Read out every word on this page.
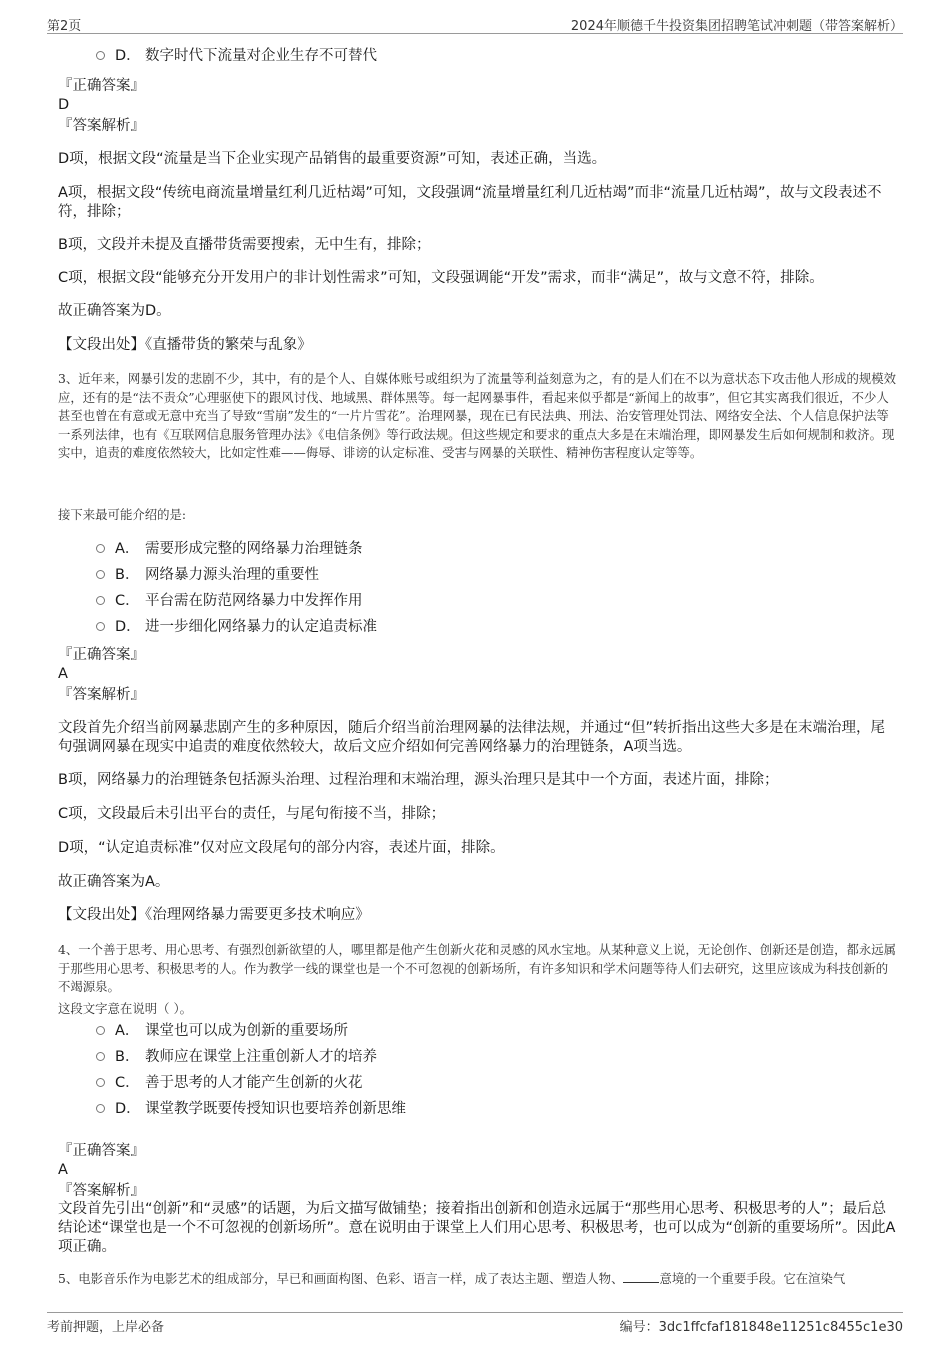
第2页	2024年顺德千牛投资集团招聘笔试冲刺题（带答案解析）
D． 数字时代下流量对企业生存不可替代
『正确答案』
D
『答案解析』
D项，根据文段“流量是当下企业实现产品销售的最重要资源”可知，表述正确，当选。
A项，根据文段“传统电商流量增量红利几近枯竭”可知，文段强调“流量增量红利几近枯竭”而非“流量几近枯竭”，故与文段表述不符，排除；
B项，文段并未提及直播带货需要搜索，无中生有，排除；
C项，根据文段“能够充分开发用户的非计划性需求”可知，文段强调能“开发”需求，而非“满足”，故与文意不符，排除。
故正确答案为D。
【文段出处】《直播带货的繁荣与乱象》
3、近年来，网暴引发的悲剧不少，其中，有的是个人、自媒体账号或组织为了流量等利益刻意为之，有的是人们在不以为意状态下攻击他人形成的规模效应，还有的是“法不责众”心理驱使下的跟风讨伐、地域黑、群体黑等。每一起网暴事件，看起来似乎都是“新闻上的故事”，但它其实离我们很近，不少人甚至也曾在有意或无意中充当了导致“雪崩”发生的“一片片雪花”。治理网暴，现在已有民法典、刑法、治安管理处罚法、网络安全法、个人信息保护法等一系列法律，也有《互联网信息服务管理办法》《电信条例》等行政法规。但这些规定和要求的重点大多是在末端治理，即网暴发生后如何规制和救济。现实中，追责的难度依然较大，比如定性难——侮辱、诽谤的认定标准、受害与网暴的关联性、精神伤害程度认定等等。
接下来最可能介绍的是:
A． 需要形成完整的网络暴力治理链条
B． 网络暴力源头治理的重要性
C． 平台需在防范网络暴力中发挥作用
D． 进一步细化网络暴力的认定追责标准
『正确答案』
A
『答案解析』
文段首先介绍当前网暴悲剧产生的多种原因，随后介绍当前治理网暴的法律法规，并通过“但”转折指出这些大多是在末端治理，尾句强调网暴在现实中追责的难度依然较大，故后文应介绍如何完善网络暴力的治理链条，A项当选。
B项，网络暴力的治理链条包括源头治理、过程治理和末端治理，源头治理只是其中一个方面，表述片面，排除；
C项，文段最后未引出平台的责任，与尾句衔接不当，排除；
D项，“认定追责标准”仅对应文段尾句的部分内容，表述片面，排除。
故正确答案为A。
【文段出处】《治理网络暴力需要更多技术响应》
4、一个善于思考、用心思考、有强烈创新欲望的人，哪里都是他产生创新火花和灵感的风水宝地。从某种意义上说，无论创作、创新还是创造，都永远属于那些用心思考、积极思考的人。作为教学一线的课堂也是一个不可忽视的创新场所，有许多知识和学术问题等待人们去研究，这里应该成为科技创新的不竭源泉。
这段文字意在说明（ ）。
A． 课堂也可以成为创新的重要场所
B． 教师应在课堂上注重创新人才的培养
C． 善于思考的人才能产生创新的火花
D． 课堂教学既要传授知识也要培养创新思维
『正确答案』
A
『答案解析』
文段首先引出“创新”和“灵感”的话题，为后文描写做铺垫；接着指出创新和创造永远属于“那些用心思考、积极思考的人”；最后总结论述“课堂也是一个不可忽视的创新场所”。意在说明由于课堂上人们用心思考、积极思考，也可以成为“创新的重要场所”。因此A项正确。
5、电影音乐作为电影艺术的组成部分，早已和画面构图、色彩、语言一样，成了表达主题、塑造人物、	意境的一个重要手段。它在渲染气
考前押题，上岸必备	编号：3dc1ffcfaf181848e11251c8455c1e30
